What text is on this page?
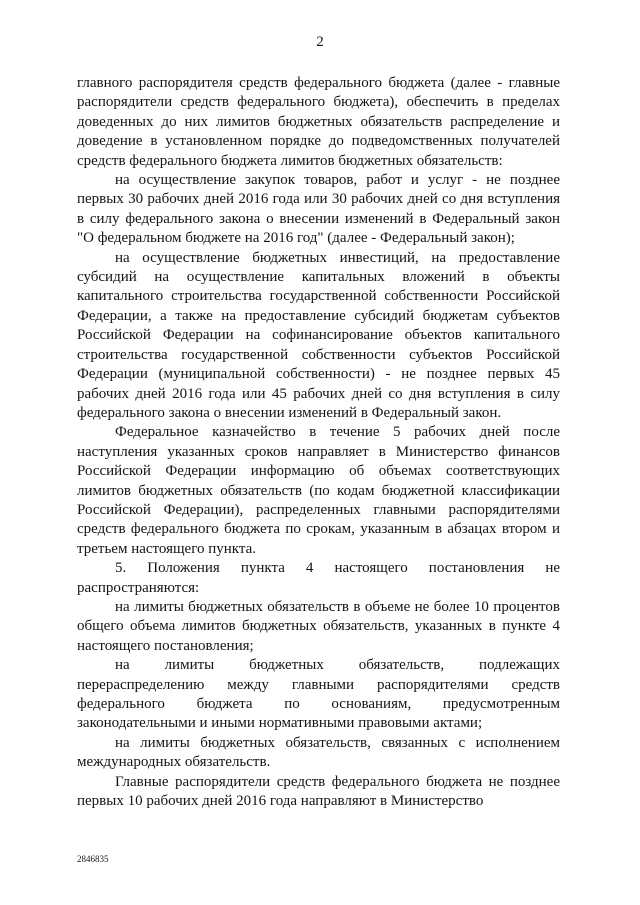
2

главного распорядителя средств федерального бюджета (далее - главные распорядители средств федерального бюджета), обеспечить в пределах доведенных до них лимитов бюджетных обязательств распределение и доведение в установленном порядке до подведомственных получателей средств федерального бюджета лимитов бюджетных обязательств:

на осуществление закупок товаров, работ и услуг - не позднее первых 30 рабочих дней 2016 года или 30 рабочих дней со дня вступления в силу федерального закона о внесении изменений в Федеральный закон "О федеральном бюджете на 2016 год" (далее - Федеральный закон);

на осуществление бюджетных инвестиций, на предоставление субсидий на осуществление капитальных вложений в объекты капитального строительства государственной собственности Российской Федерации, а также на предоставление субсидий бюджетам субъектов Российской Федерации на софинансирование объектов капитального строительства государственной собственности субъектов Российской Федерации (муниципальной собственности) - не позднее первых 45 рабочих дней 2016 года или 45 рабочих дней со дня вступления в силу федерального закона о внесении изменений в Федеральный закон.

Федеральное казначейство в течение 5 рабочих дней после наступления указанных сроков направляет в Министерство финансов Российской Федерации информацию об объемах соответствующих лимитов бюджетных обязательств (по кодам бюджетной классификации Российской Федерации), распределенных главными распорядителями средств федерального бюджета по срокам, указанным в абзацах втором и третьем настоящего пункта.

5. Положения пункта 4 настоящего постановления не распространяются:

на лимиты бюджетных обязательств в объеме не более 10 процентов общего объема лимитов бюджетных обязательств, указанных в пункте 4 настоящего постановления;

на лимиты бюджетных обязательств, подлежащих перераспределению между главными распорядителями средств федерального бюджета по основаниям, предусмотренным законодательными и иными нормативными правовыми актами;

на лимиты бюджетных обязательств, связанных с исполнением международных обязательств.

Главные распорядители средств федерального бюджета не позднее первых 10 рабочих дней 2016 года направляют в Министерство

2846835
